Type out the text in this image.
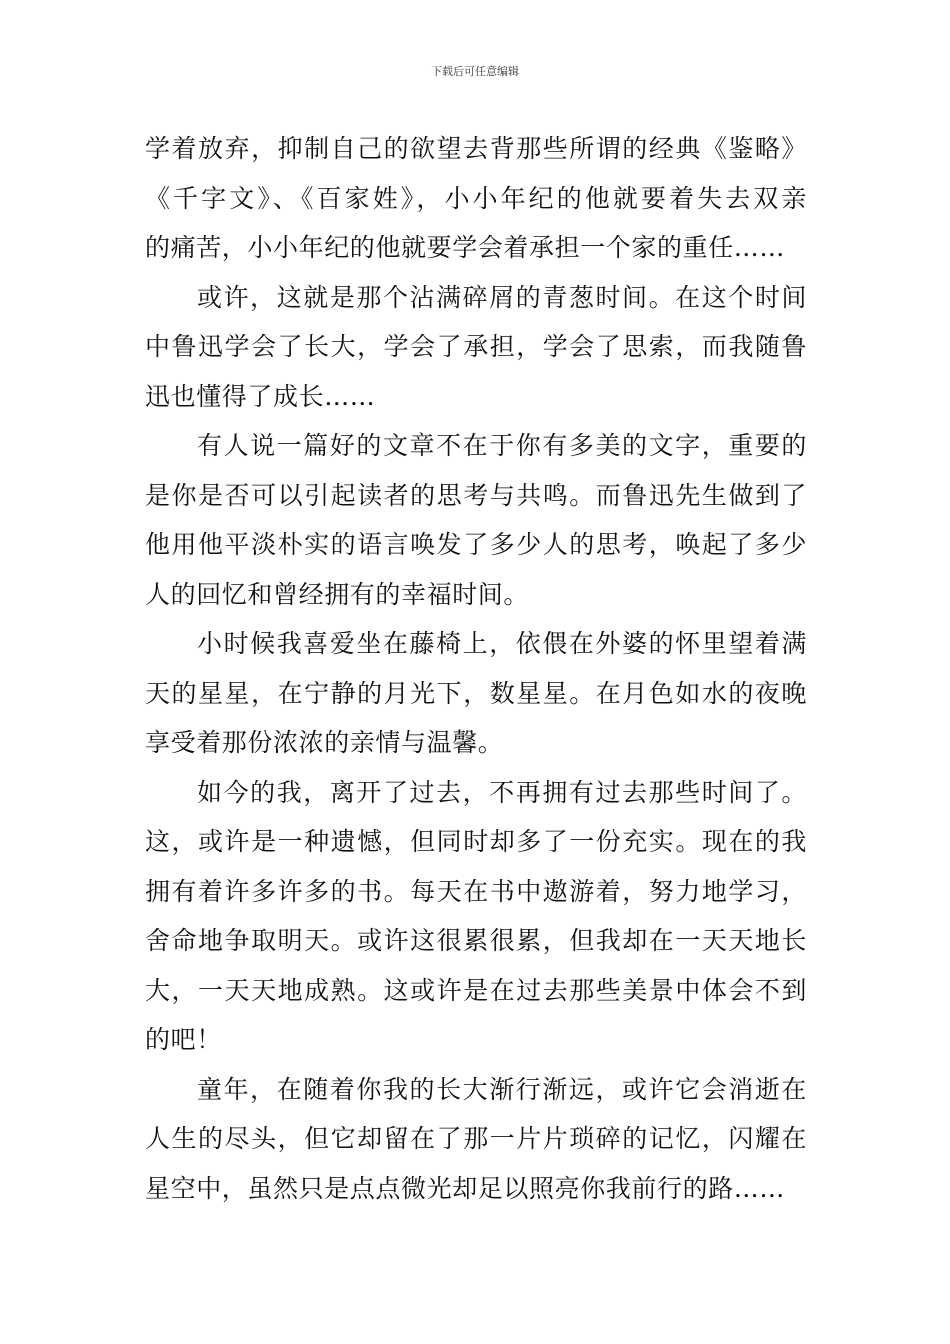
下载后可任意编辑
学着放弃，抑制自己的欲望去背那些所谓的经典《鉴略》
《千字文》、《百家姓》，小小年纪的他就要着失去双亲
的痛苦，小小年纪的他就要学会着承担一个家的重任……
或许，这就是那个沾满碎屑的青葱时间。在这个时间
中鲁迅学会了长大，学会了承担，学会了思索，而我随鲁
迅也懂得了成长……
有人说一篇好的文章不在于你有多美的文字，重要的
是你是否可以引起读者的思考与共鸣。而鲁迅先生做到了
他用他平淡朴实的语言唤发了多少人的思考，唤起了多少
人的回忆和曾经拥有的幸福时间。
小时候我喜爱坐在藤椅上，依偎在外婆的怀里望着满
天的星星，在宁静的月光下，数星星。在月色如水的夜晚
享受着那份浓浓的亲情与温馨。
如今的我，离开了过去，不再拥有过去那些时间了。
这，或许是一种遗憾，但同时却多了一份充实。现在的我
拥有着许多许多的书。每天在书中遨游着，努力地学习，
舍命地争取明天。或许这很累很累，但我却在一天天地长
大，一天天地成熟。这或许是在过去那些美景中体会不到
的吧！
童年，在随着你我的长大渐行渐远，或许它会消逝在
人生的尽头，但它却留在了那一片片琐碎的记忆，闪耀在
星空中，虽然只是点点微光却足以照亮你我前行的路……
